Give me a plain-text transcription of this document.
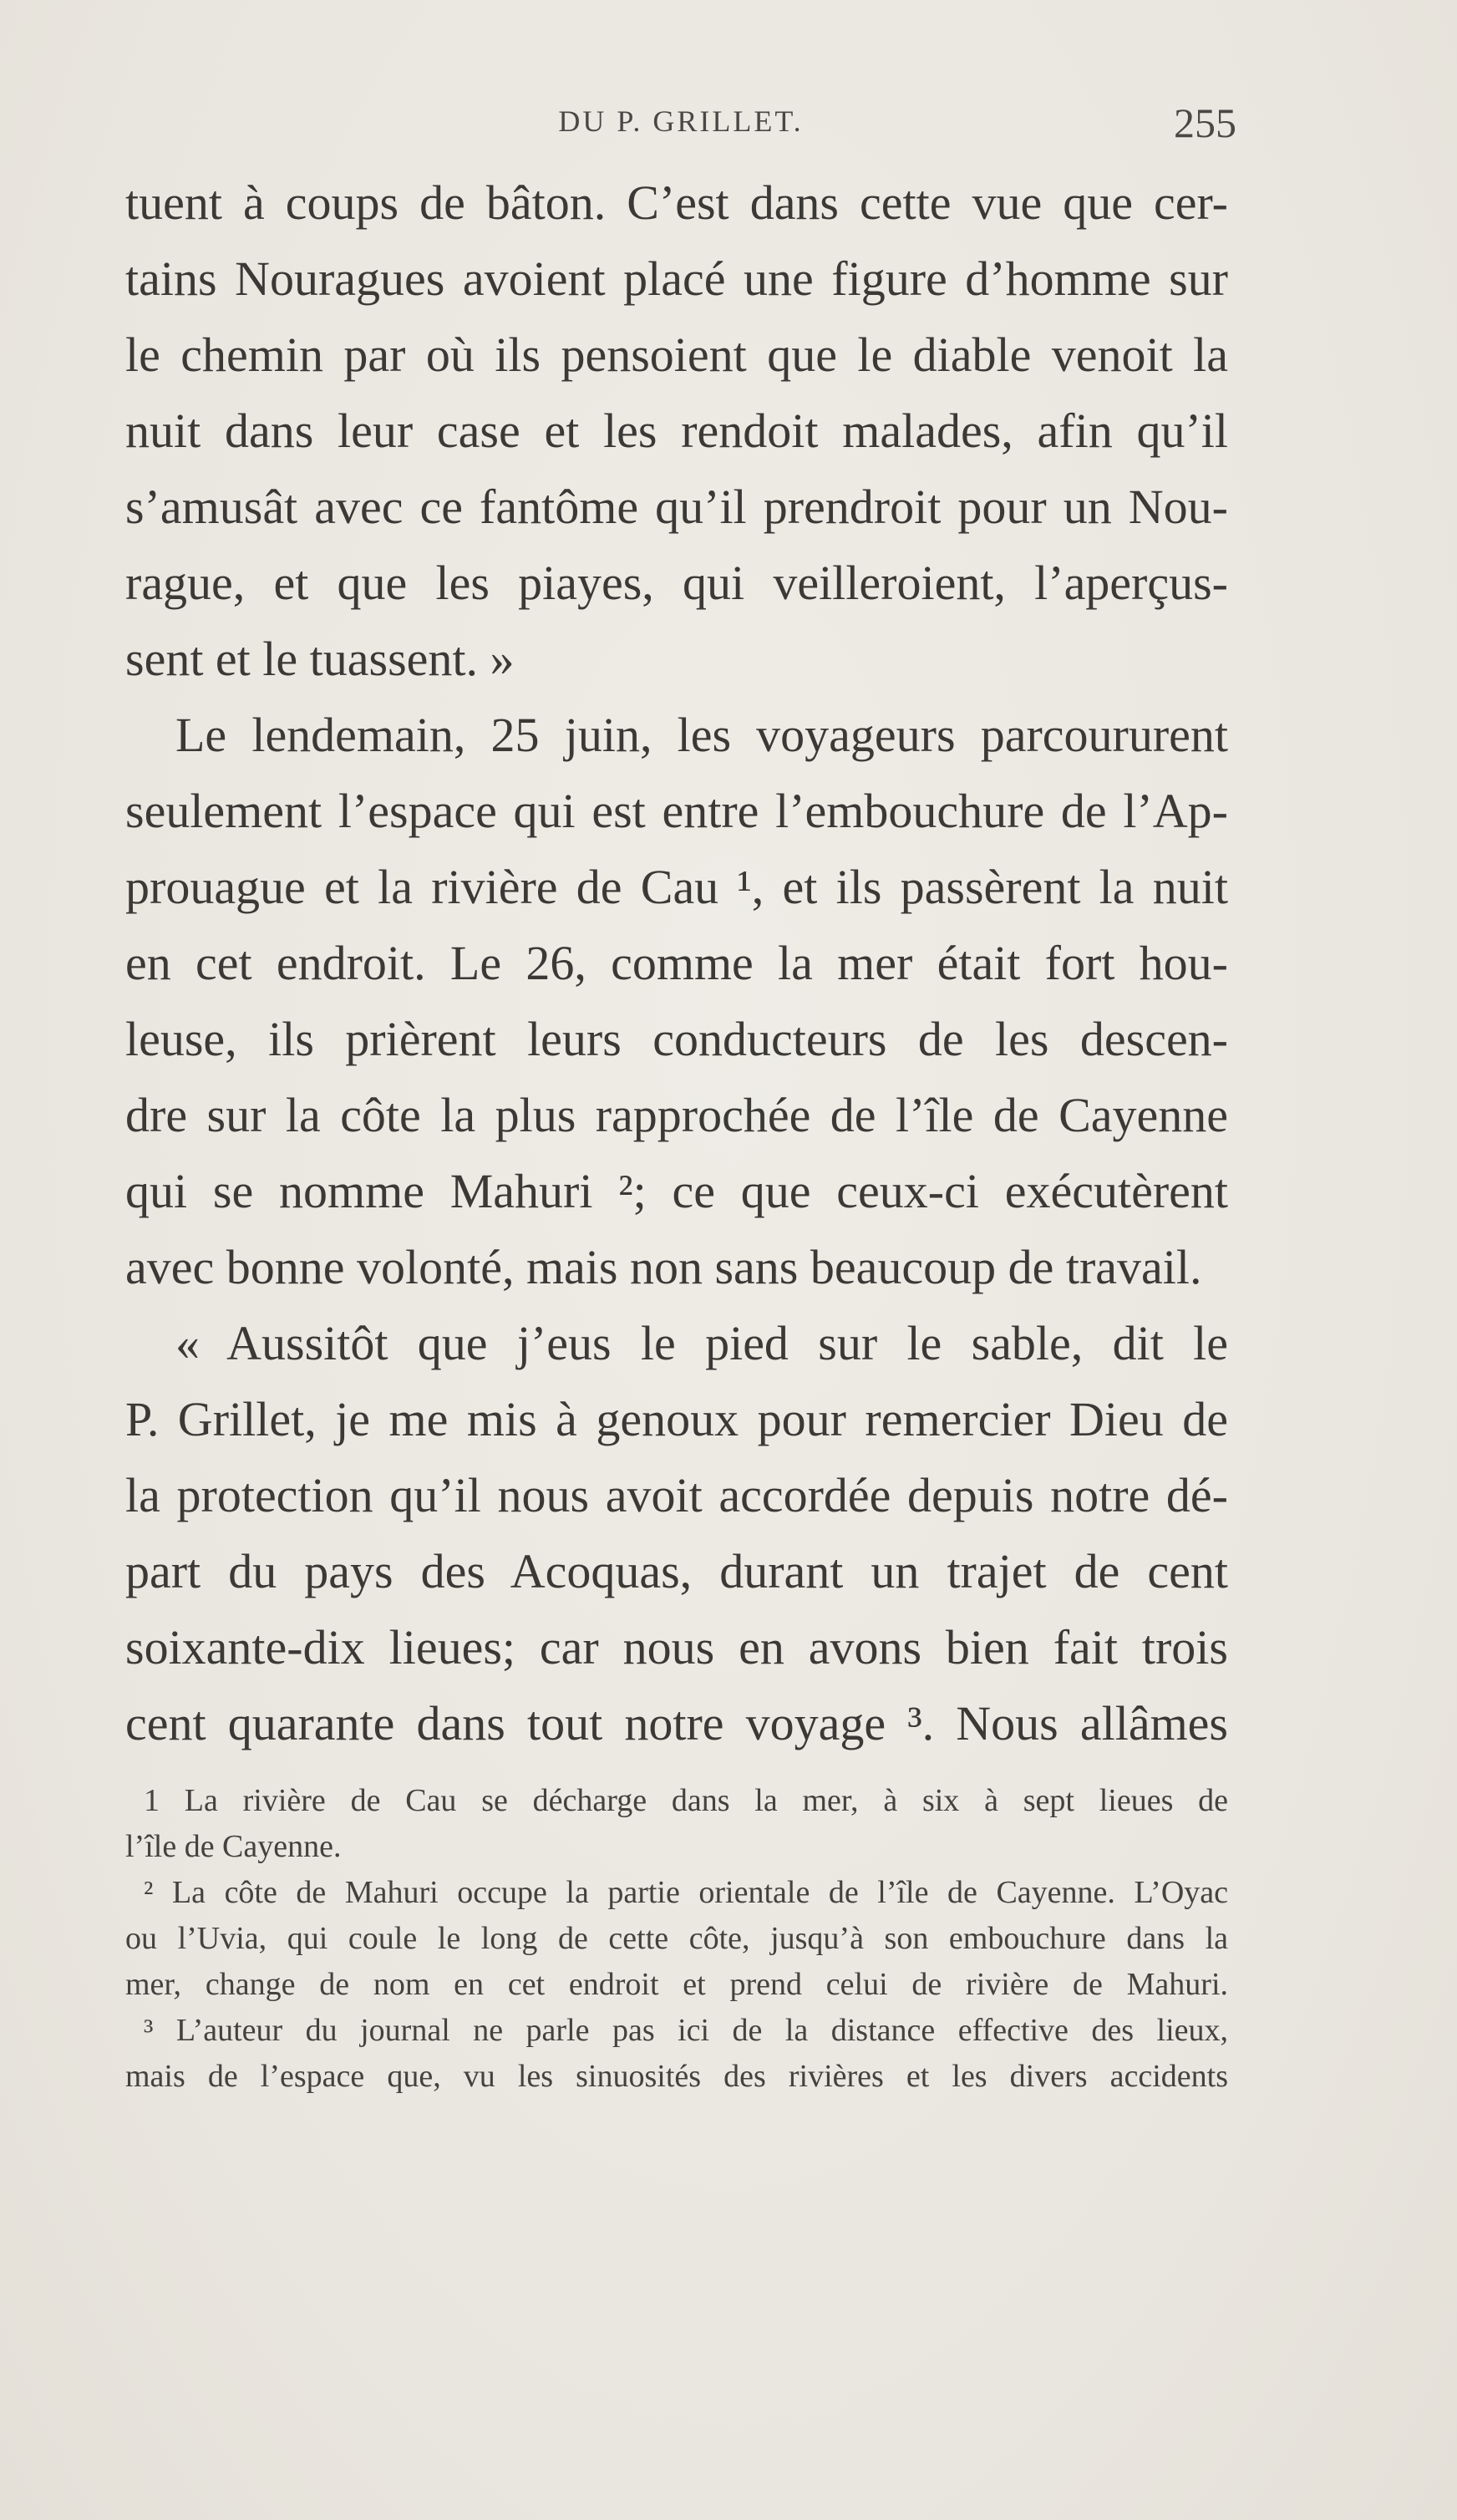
DU P. GRILLET.	255
tuent à coups de bâton. C’est dans cette vue que cer-
tains Nouragues avoient placé une figure d’homme sur
le chemin par où ils pensoient que le diable venoit la
nuit dans leur case et les rendoit malades, afin qu’il
s’amusât avec ce fantôme qu’il prendroit pour un Nou-
rague, et que les piayes, qui veilleroient, l’aperçus-
sent et le tuassent. »
Le lendemain, 25 juin, les voyageurs parcoururent
seulement l’espace qui est entre l’embouchure de l’Ap-
prouague et la rivière de Cau ¹, et ils passèrent la nuit
en cet endroit. Le 26, comme la mer était fort hou-
leuse, ils prièrent leurs conducteurs de les descen-
dre sur la côte la plus rapprochée de l’île de Cayenne
qui se nomme Mahuri ²; ce que ceux-ci exécutèrent
avec bonne volonté, mais non sans beaucoup de travail.
« Aussitôt que j’eus le pied sur le sable, dit le
P. Grillet, je me mis à genoux pour remercier Dieu de
la protection qu’il nous avoit accordée depuis notre dé-
part du pays des Acoquas, durant un trajet de cent
soixante-dix lieues; car nous en avons bien fait trois
cent quarante dans tout notre voyage ³. Nous allâmes
1 La rivière de Cau se décharge dans la mer, à six à sept lieues de
l’île de Cayenne.
² La côte de Mahuri occupe la partie orientale de l’île de Cayenne. L’Oyac
ou l’Uvia, qui coule le long de cette côte, jusqu’à son embouchure dans la
mer, change de nom en cet endroit et prend celui de rivière de Mahuri.
³ L’auteur du journal ne parle pas ici de la distance effective des lieux,
mais de l’espace que, vu les sinuosités des rivières et les divers accidents
